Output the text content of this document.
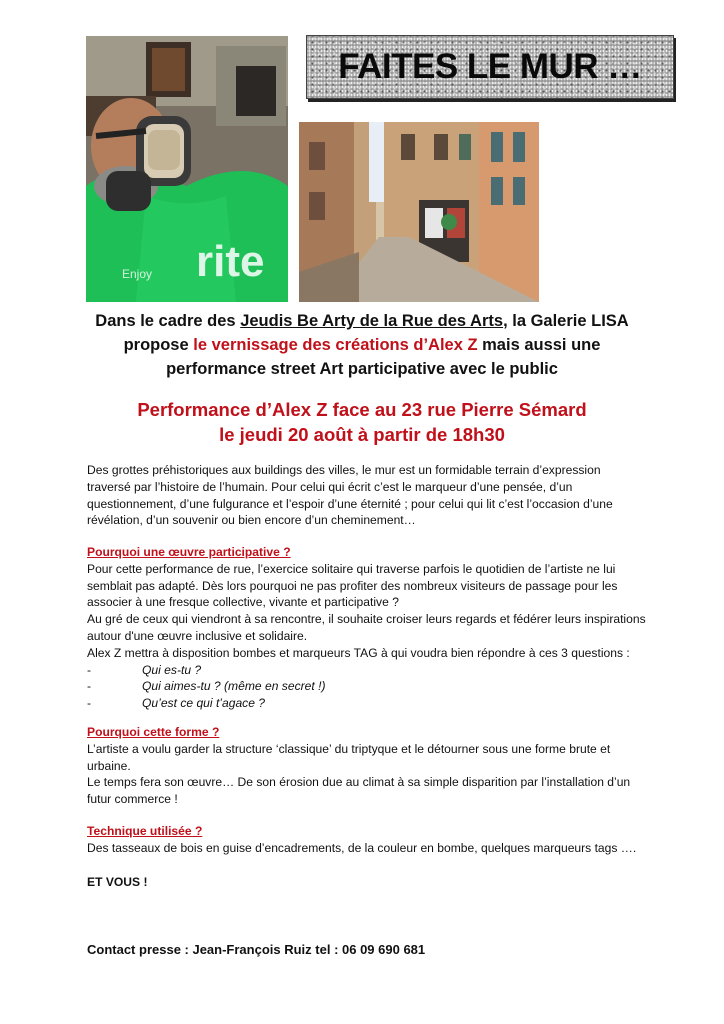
rite
Enjoy
FAITES LE MUR …
Dans le cadre des Jeudis Be Arty de la Rue des Arts, la Galerie LISA
propose le vernissage des créations d’Alex Z mais aussi une
performance street Art participative avec le public
Performance d’Alex Z face au 23 rue Pierre Sémard
le jeudi 20 août à partir de 18h30
Des grottes préhistoriques aux buildings des villes, le mur est un formidable terrain d’expression
traversé par l’histoire de l’humain. Pour celui qui écrit c’est le marqueur d’une pensée, d’un
questionnement, d’une fulgurance et l’espoir d’une éternité ; pour celui qui lit c’est l’occasion d’une
révélation, d’un souvenir ou bien encore d’un cheminement…
Pourquoi une œuvre participative ?
Pour cette performance de rue, l’exercice solitaire qui traverse parfois le quotidien de l’artiste ne lui
semblait pas adapté. Dès lors pourquoi ne pas profiter des nombreux visiteurs de passage pour les
associer à une fresque collective, vivante et participative ?
Au gré de ceux qui viendront à sa rencontre, il souhaite croiser leurs regards et fédérer leurs inspirations
autour d'une œuvre inclusive et solidaire.
Alex Z mettra à disposition bombes et marqueurs TAG à qui voudra bien répondre à ces 3 questions :
-	Qui es-tu ?
-	Qui aimes-tu ? (même en secret !)
-	Qu’est ce qui t’agace ?
Pourquoi cette forme ?
L’artiste a voulu garder la structure ‘classique’ du triptyque et le détourner sous une forme brute et
urbaine.
Le temps fera son œuvre… De son érosion due au climat à sa simple disparition par l’installation d’un
futur commerce !
Technique utilisée ?
Des tasseaux de bois en guise d’encadrements, de la couleur en bombe, quelques marqueurs tags ….
ET VOUS !
Contact presse : Jean-François Ruiz tel : 06 09 690 681
